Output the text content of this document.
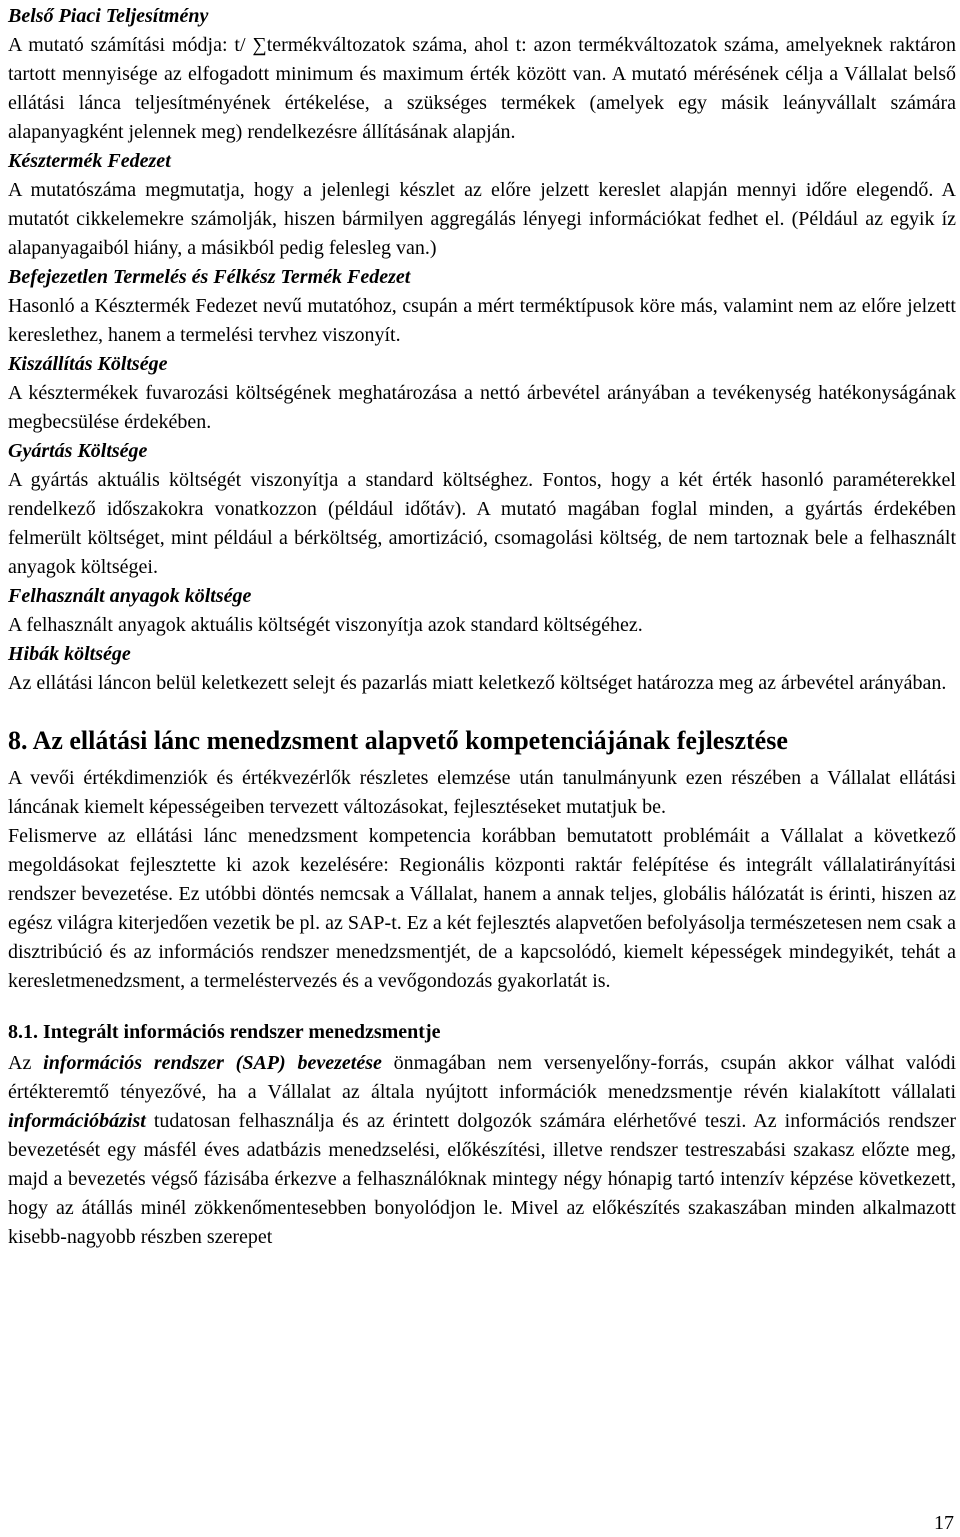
Belső Piaci Teljesítmény

A mutató számítási módja: t/ ∑termékváltozatok száma, ahol t: azon termékváltozatok száma, amelyeknek raktáron tartott mennyisége az elfogadott minimum és maximum érték között van. A mutató mérésének célja a Vállalat belső ellátási lánca teljesítményének értékelése, a szükséges termékek (amelyek egy másik leányvállalt számára alapanyagként jelennek meg) rendelkezésre állításának alapján.

Késztermék Fedezet

A mutatószáma megmutatja, hogy a jelenlegi készlet az előre jelzett kereslet alapján mennyi időre elegendő. A mutatót cikkelemekre számolják, hiszen bármilyen aggregálás lényegi információkat fedhet el. (Például az egyik íz alapanyagaiból hiány, a másikból pedig felesleg van.)

Befejezetlen Termelés és Félkész Termék Fedezet

Hasonló a Késztermék Fedezet nevű mutatóhoz, csupán a mért terméktípusok köre más, valamint nem az előre jelzett kereslethez, hanem a termelési tervhez viszonyít.

Kiszállítás Költsége

A késztermékek fuvarozási költségének meghatározása a nettó árbevétel arányában a tevékenység hatékonyságának megbecsülése érdekében.

Gyártás Költsége

A gyártás aktuális költségét viszonyítja a standard költséghez. Fontos, hogy a két érték hasonló paraméterekkel rendelkező időszakokra vonatkozzon (például időtáv). A mutató magában foglal minden, a gyártás érdekében felmerült költséget, mint például a bérköltség, amortizáció, csomagolási költség, de nem tartoznak bele a felhasznált anyagok költségei.

Felhasznált anyagok költsége

A felhasznált anyagok aktuális költségét viszonyítja azok standard költségéhez.

Hibák költsége

Az ellátási láncon belül keletkezett selejt és pazarlás miatt keletkező költséget határozza meg az árbevétel arányában.

8. Az ellátási lánc menedzsment alapvető kompetenciájának fejlesztése

A vevői értékdimenziók és értékvezérlők részletes elemzése után tanulmányunk ezen részében a Vállalat ellátási láncának kiemelt képességeiben tervezett változásokat, fejlesztéseket mutatjuk be.

Felismerve az ellátási lánc menedzsment kompetencia korábban bemutatott problémáit a Vállalat a következő megoldásokat fejlesztette ki azok kezelésére: Regionális központi raktár felépítése és integrált vállalatirányítási rendszer bevezetése. Ez utóbbi döntés nemcsak a Vállalat, hanem a annak teljes, globális hálózatát is érinti, hiszen az egész világra kiterjedően vezetik be pl. az SAP-t. Ez a két fejlesztés alapvetően befolyásolja természetesen nem csak a disztribúció és az információs rendszer menedzsmentjét, de a kapcsolódó, kiemelt képességek mindegyikét, tehát a keresletmenedzsment, a termeléstervezés és a vevőgondozás gyakorlatát is.

8.1. Integrált információs rendszer menedzsmentje

Az információs rendszer (SAP) bevezetése önmagában nem versenyelőny-forrás, csupán akkor válhat valódi értékteremtő tényezővé, ha a Vállalat az általa nyújtott információk menedzsmentje révén kialakított vállalati információbázist tudatosan felhasználja és az érintett dolgozók számára elérhetővé teszi. Az információs rendszer bevezetését egy másfél éves adatbázis menedzselési, előkészítési, illetve rendszer testreszabási szakasz előzte meg, majd a bevezetés végső fázisába érkezve a felhasználóknak mintegy négy hónapig tartó intenzív képzése következett, hogy az átállás minél zökkenőmentesebben bonyolódjon le. Mivel az előkészítés szakaszában minden alkalmazott kisebb-nagyobb részben szerepet

17
